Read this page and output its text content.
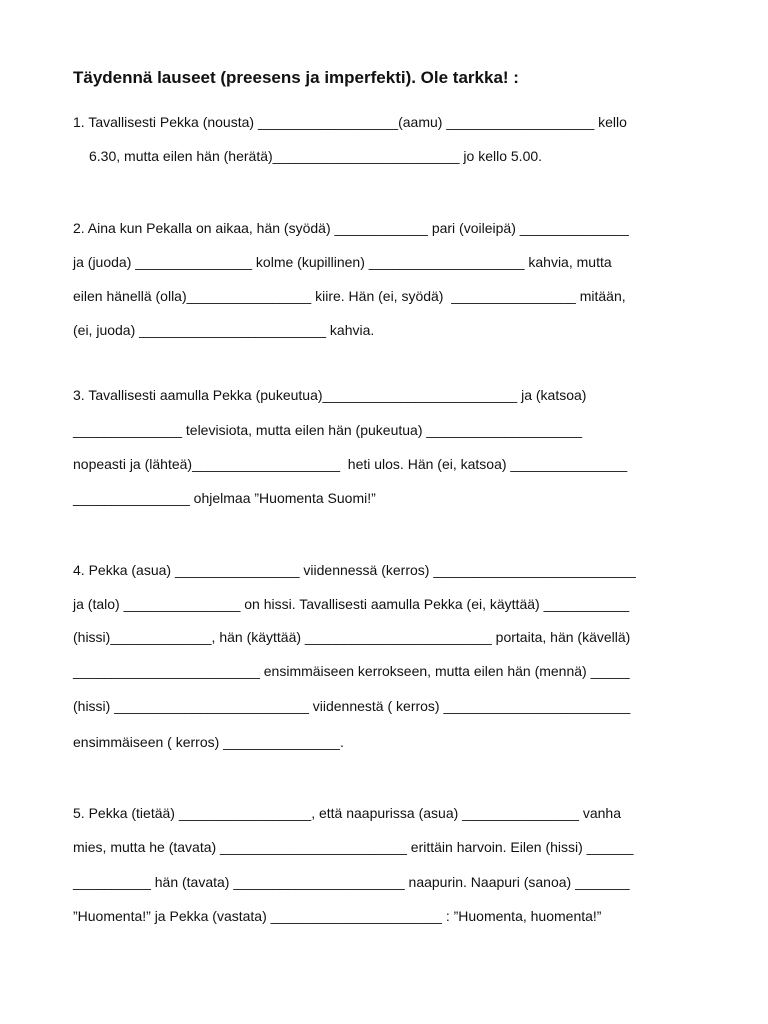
Täydennä lauseet (preesens ja imperfekti). Ole tarkka! :
1. Tavallisesti Pekka (nousta) __________________(aamu) ___________________ kello
6.30, mutta eilen hän (herätä)________________________ jo kello 5.00.
2. Aina kun Pekalla on aikaa, hän (syödä) ____________ pari (voileipä) ______________
ja (juoda) _______________ kolme (kupillinen) ____________________ kahvia, mutta
eilen hänellä (olla)________________ kiire. Hän (ei, syödä)  ________________ mitään,
(ei, juoda) ________________________ kahvia.
3. Tavallisesti aamulla Pekka (pukeutua)_________________________ ja (katsoa)
______________ televisiota, mutta eilen hän (pukeutua) ____________________
nopeasti ja (lähteä)___________________  heti ulos. Hän (ei, katsoa) _______________
_______________ ohjelmaa ”Huomenta Suomi!”
4. Pekka (asua) ________________ viidennessä (kerros) __________________________
ja (talo) _______________ on hissi. Tavallisesti aamulla Pekka (ei, käyttää) ___________
(hissi)_____________, hän (käyttää) ________________________ portaita, hän (kävellä)
________________________ ensimmäiseen kerrokseen, mutta eilen hän (mennä) _____
(hissi) _________________________ viidennestä ( kerros) ________________________
ensimmäiseen ( kerros) _______________.
5. Pekka (tietää) _________________, että naapurissa (asua) _______________ vanha
mies, mutta he (tavata) ________________________ erittäin harvoin. Eilen (hissi) ______
__________ hän (tavata) ______________________ naapurin. Naapuri (sanoa) _______
”Huomenta!” ja Pekka (vastata) ______________________ : ”Huomenta, huomenta!”
